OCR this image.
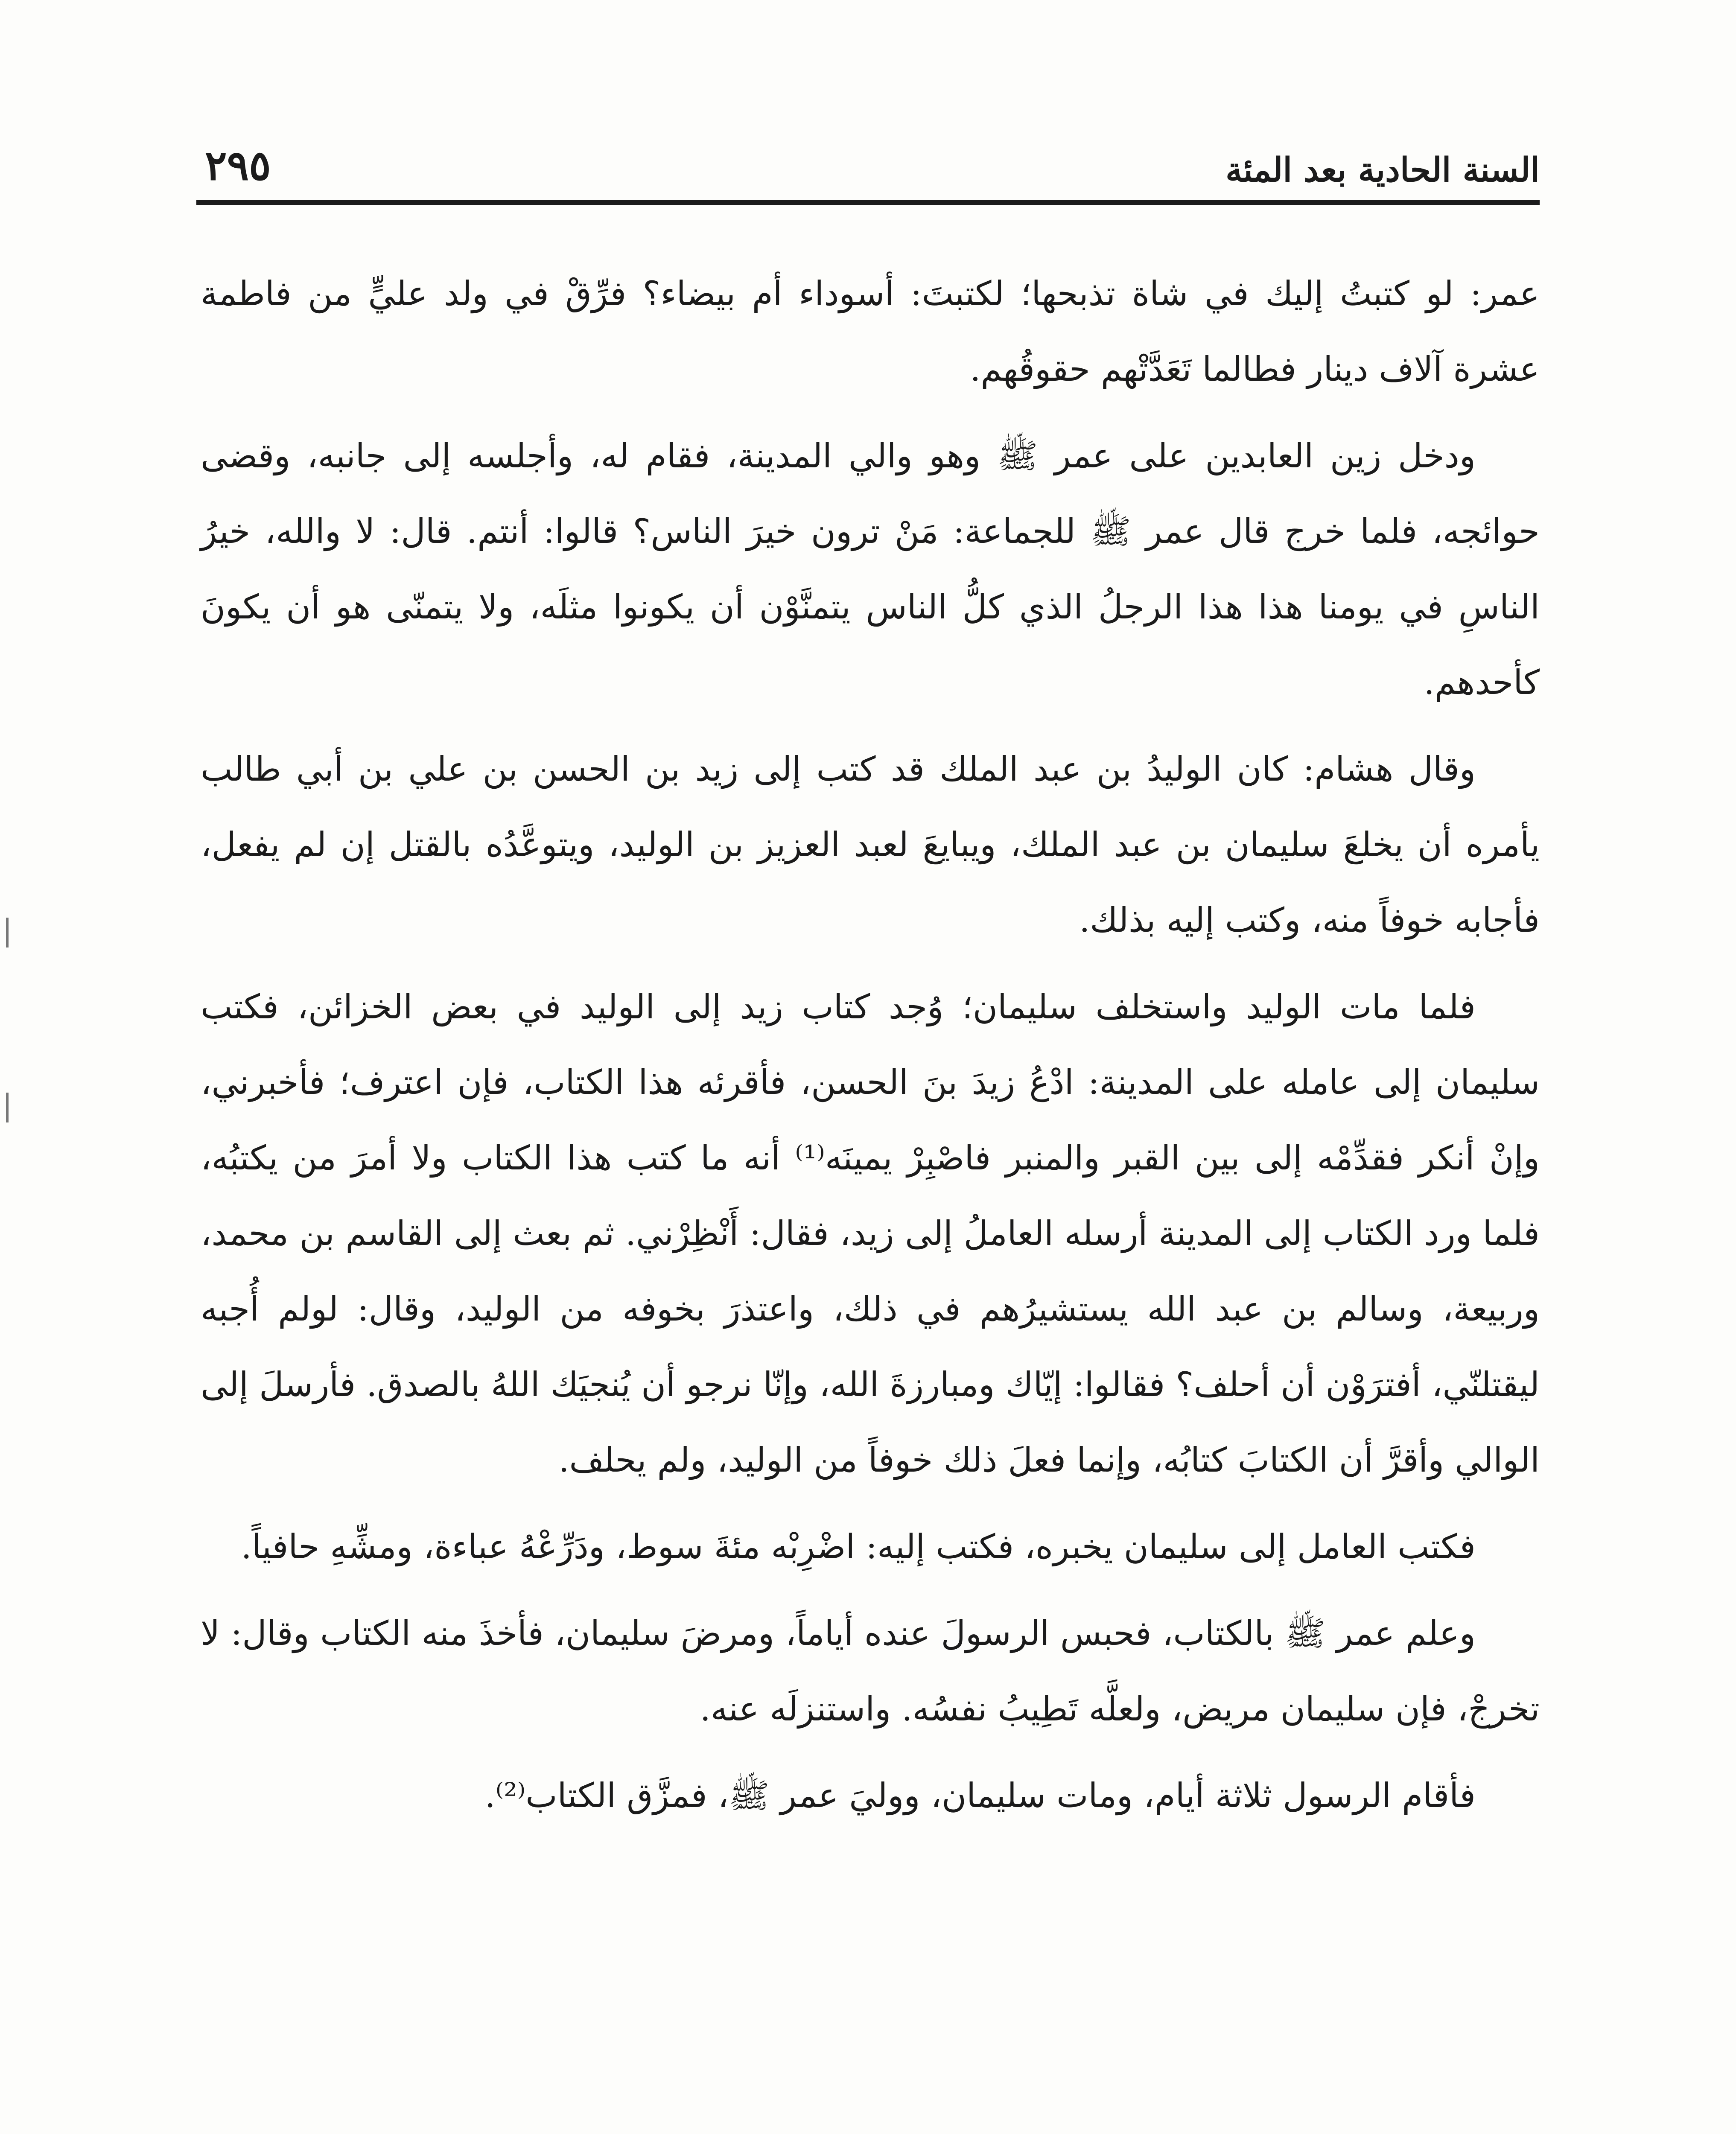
السنة الحادية بعد المئة
٢٩٥

عمر: لو كتبتُ إليك في شاة تذبحها؛ لكتبتَ: أسوداء أم بيضاء؟ فرِّقْ في ولد عليٍّ من فاطمة عشرة آلاف دينار فطالما تَعَدَّتْهم حقوقُهم.

ودخل زين العابدين على عمر ﷺ وهو والي المدينة، فقام له، وأجلسه إلى جانبه، وقضى حوائجه، فلما خرج قال عمر ﷺ للجماعة: مَنْ ترون خيرَ الناس؟ قالوا: أنتم. قال: لا والله، خيرُ الناسِ في يومنا هذا هذا الرجلُ الذي كلُّ الناس يتمنَّوْن أن يكونوا مثلَه، ولا يتمنّى هو أن يكونَ كأحدهم.

وقال هشام: كان الوليدُ بن عبد الملك قد كتب إلى زيد بن الحسن بن علي بن أبي طالب يأمره أن يخلعَ سليمان بن عبد الملك، ويبايعَ لعبد العزيز بن الوليد، ويتوعَّدُه بالقتل إن لم يفعل، فأجابه خوفاً منه، وكتب إليه بذلك.

فلما مات الوليد واستخلف سليمان؛ وُجد كتاب زيد إلى الوليد في بعض الخزائن، فكتب سليمان إلى عامله على المدينة: ادْعُ زيدَ بنَ الحسن، فأقرئه هذا الكتاب، فإن اعترف؛ فأخبرني، وإنْ أنكر فقدِّمْه إلى بين القبر والمنبر فاصْبِرْ يمينَه⁽¹⁾ أنه ما كتب هذا الكتاب ولا أمرَ من يكتبُه، فلما ورد الكتاب إلى المدينة أرسله العاملُ إلى زيد، فقال: أَنْظِرْني. ثم بعث إلى القاسم بن محمد، وربيعة، وسالم بن عبد الله يستشيرُهم في ذلك، واعتذرَ بخوفه من الوليد، وقال: لولم أُجبه ليقتلنّي، أفترَوْن أن أحلف؟ فقالوا: إيّاك ومبارزةَ الله، وإنّا نرجو أن يُنجيَك اللهُ بالصدق. فأرسلَ إلى الوالي وأقرَّ أن الكتابَ كتابُه، وإنما فعلَ ذلك خوفاً من الوليد، ولم يحلف.

فكتب العامل إلى سليمان يخبره، فكتب إليه: اضْرِبْه مئةَ سوط، ودَرِّعْهُ عباءة، ومشِّهِ حافياً.

وعلم عمر ﷺ بالكتاب، فحبس الرسولَ عنده أياماً، ومرضَ سليمان، فأخذَ منه الكتاب وقال: لا تخرجْ، فإن سليمان مريض، ولعلَّه تَطِيبُ نفسُه. واستنزلَه عنه.

فأقام الرسول ثلاثة أيام، ومات سليمان، ووليَ عمر ﷺ، فمزَّق الكتاب⁽²⁾.
